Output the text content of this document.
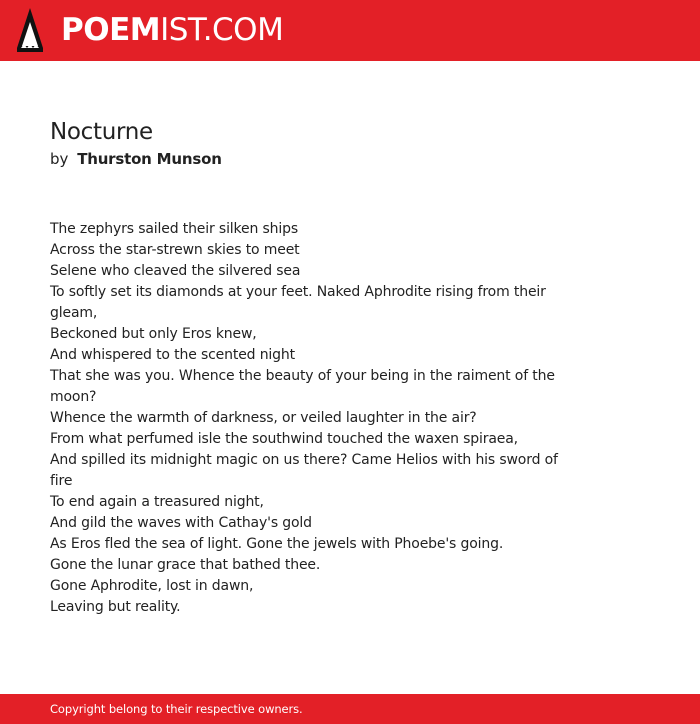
POEMIST.COM
Nocturne
by Thurston Munson
The zephyrs sailed their silken ships
Across the star-strewn skies to meet
Selene who cleaved the silvered sea
To softly set its diamonds at your feet. Naked Aphrodite rising from their gleam,
Beckoned but only Eros knew,
And whispered to the scented night
That she was you. Whence the beauty of your being in the raiment of the moon?
Whence the warmth of darkness, or veiled laughter in the air?
From what perfumed isle the southwind touched the waxen spiraea,
And spilled its midnight magic on us there? Came Helios with his sword of fire
To end again a treasured night,
And gild the waves with Cathay's gold
As Eros fled the sea of light. Gone the jewels with Phoebe's going.
Gone the lunar grace that bathed thee.
Gone Aphrodite, lost in dawn,
Leaving but reality.
Copyright belong to their respective owners.
